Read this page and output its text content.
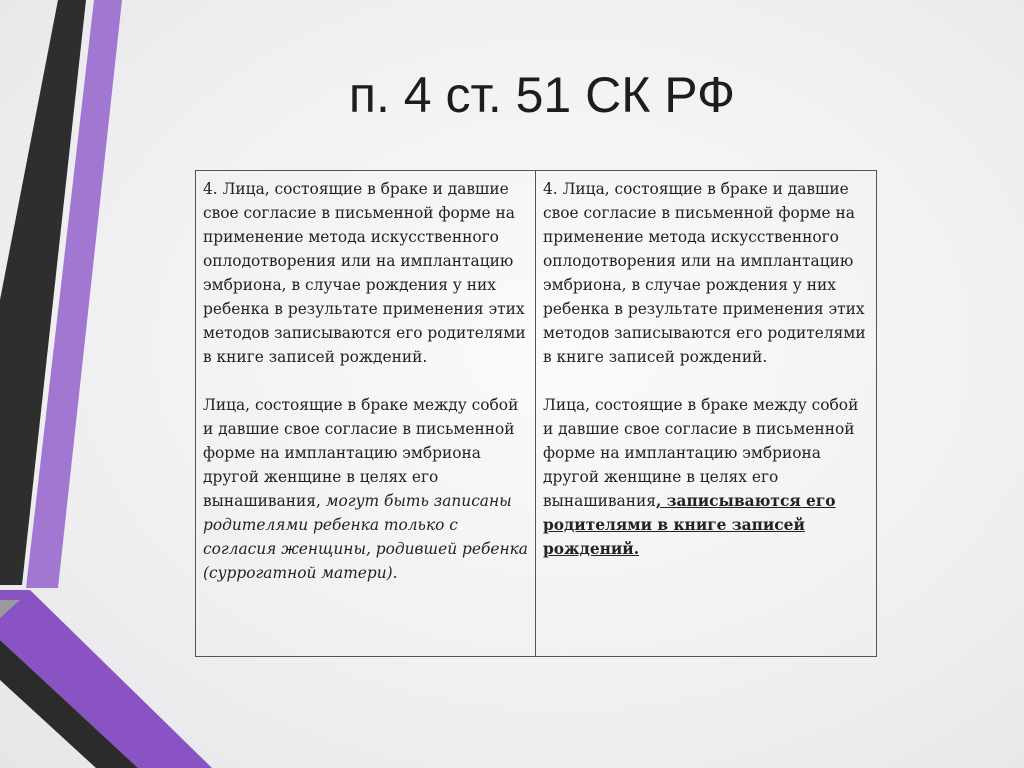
п. 4 ст. 51 СК РФ

4. Лица, состоящие в браке и давшие свое согласие в письменной форме на применение метода искусственного оплодотворения или на имплантацию эмбриона, в случае рождения у них ребенка в результате применения этих методов записываются его родителями в книге записей рождений.

Лица, состоящие в браке между собой и давшие свое согласие в письменной форме на имплантацию эмбриона другой женщине в целях его вынашивания, могут быть записаны родителями ребенка только с согласия женщины, родившей ребенка (суррогатной матери).

4. Лица, состоящие в браке и давшие свое согласие в письменной форме на применение метода искусственного оплодотворения или на имплантацию эмбриона, в случае рождения у них ребенка в результате применения этих методов записываются его родителями в книге записей рождений.

Лица, состоящие в браке между собой и давшие свое согласие в письменной форме на имплантацию эмбриона другой женщине в целях его вынашивания, записываются его родителями в книге записей рождений.
